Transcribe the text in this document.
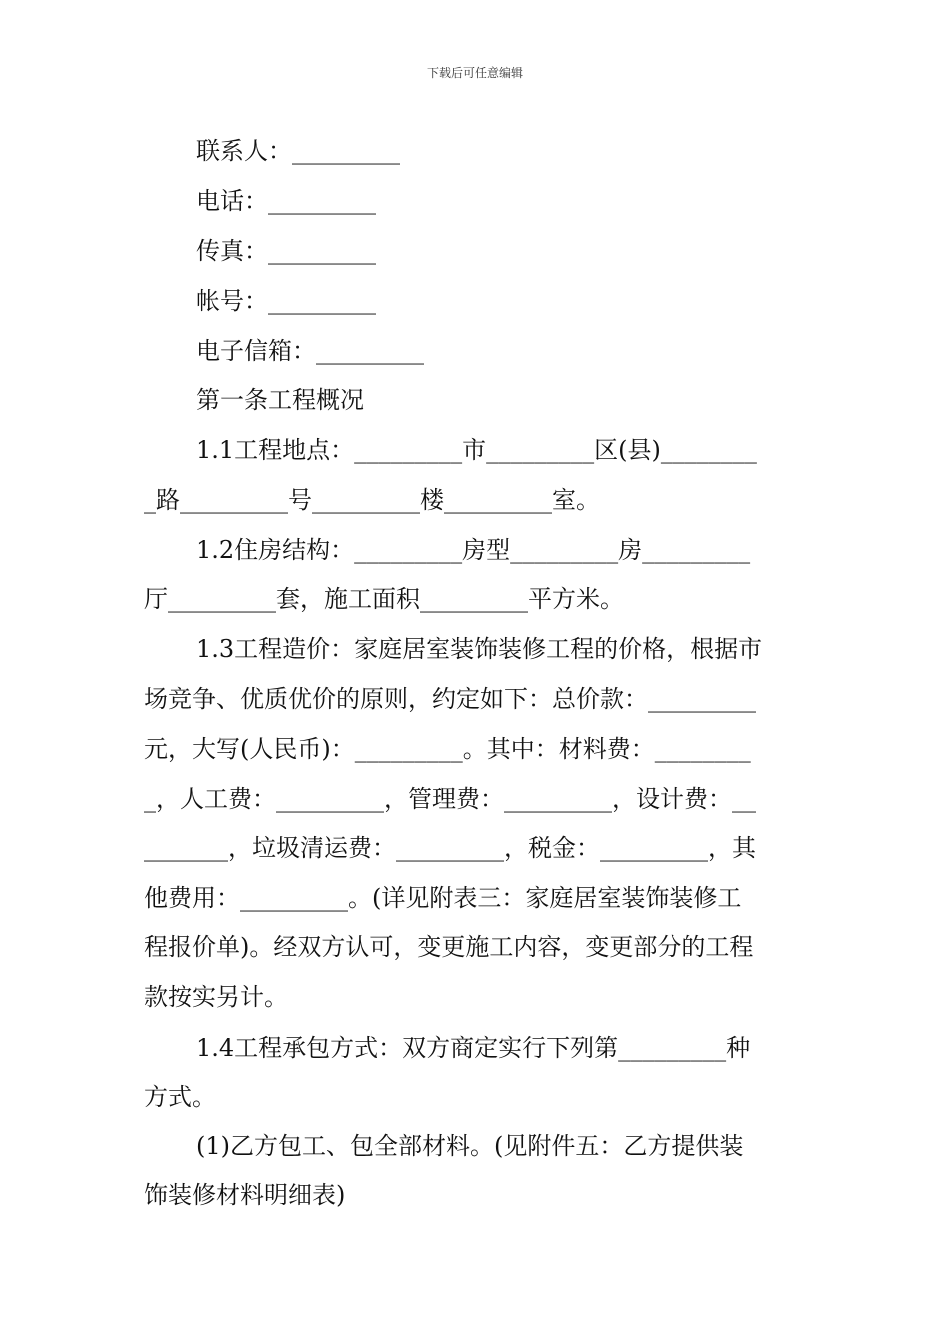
下载后可任意编辑
联系人：_________
电话：_________
传真：_________
帐号：_________
电子信箱：_________
第一条工程概况
1.1工程地点：_________市_________区(县)________
_路_________号_________楼_________室。
1.2住房结构：_________房型_________房_________
厅_________套，施工面积_________平方米。
1.3工程造价：家庭居室装饰装修工程的价格，根据市
场竞争、优质优价的原则，约定如下：总价款：_________
元，大写(人民币)：_________。其中：材料费：________
_，人工费：_________，管理费：_________，设计费：__
_______，垃圾清运费：_________，税金：_________，其
他费用：_________。(详见附表三：家庭居室装饰装修工
程报价单)。经双方认可，变更施工内容，变更部分的工程
款按实另计。
1.4工程承包方式：双方商定实行下列第_________种
方式。
(1)乙方包工、包全部材料。(见附件五：乙方提供装
饰装修材料明细表)
